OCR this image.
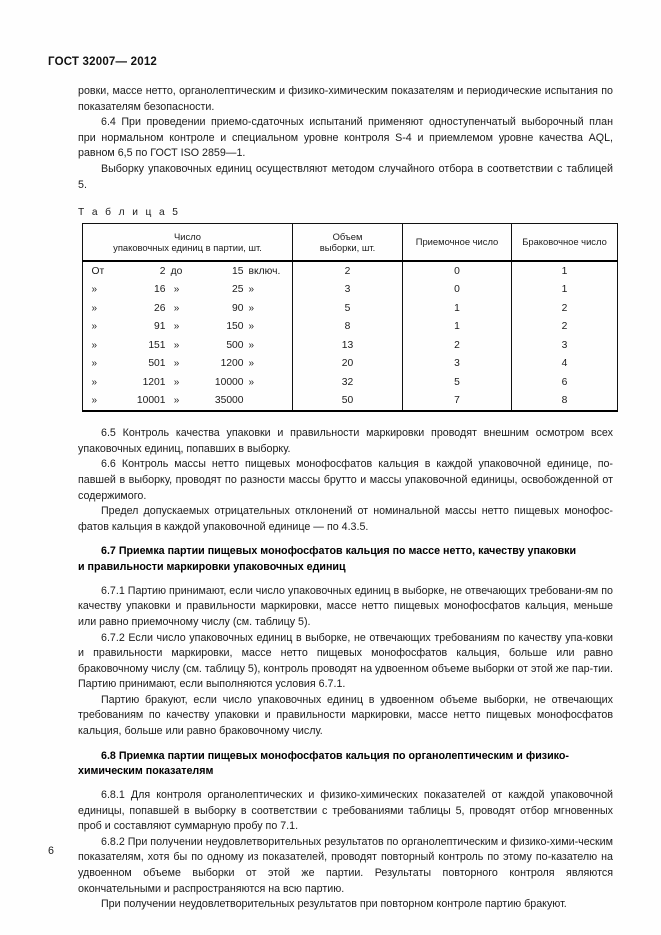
ГОСТ 32007— 2012

ровки, массе нетто, органолептическим и физико-химическим показателям и периодические испытания по показателям безопасности.

6.4 При проведении приемо-сдаточных испытаний применяют одноступенчатый выборочный план при нормальном контроле и специальном уровне контроля S-4 и приемлемом уровне качества AQL, равном 6,5 по ГОСТ ISO 2859—1.

Выборку упаковочных единиц осуществляют методом случайного отбора в соответствии с таблицей 5.

Т а б л и ц а 5

Число
упаковочных единиц в партии, шт.	Объем
выборки, шт.	Приемочное число	Браковочное число

От 2 до 15 включ.	2	0	1

» 16 » 25 »	3	0	1

» 26 » 90 »	5	1	2

» 91 » 150 »	8	1	2

» 151 » 500 »	13	2	3

» 501 » 1200 »	20	3	4

» 1201 » 10000 »	32	5	6

» 10001 » 35000	50	7	8

6.5 Контроль качества упаковки и правильности маркировки проводят внешним осмотром всех упаковочных единиц, попавших в выборку.

6.6 Контроль массы нетто пищевых монофосфатов кальция в каждой упаковочной единице, по-павшей в выборку, проводят по разности массы брутто и массы упаковочной единицы, освобожденной от содержимого.

Предел допускаемых отрицательных отклонений от номинальной массы нетто пищевых монофос-фатов кальция в каждой упаковочной единице — по 4.3.5.

6.7 Приемка партии пищевых монофосфатов кальция по массе нетто, качеству упаковки
и правильности маркировки упаковочных единиц

6.7.1 Партию принимают, если число упаковочных единиц в выборке, не отвечающих требовани-ям по качеству упаковки и правильности маркировки, массе нетто пищевых монофосфатов кальция, меньше или равно приемочному числу (см. таблицу 5).

6.7.2 Если число упаковочных единиц в выборке, не отвечающих требованиям по качеству упа-ковки и правильности маркировки, массе нетто пищевых монофосфатов кальция, больше или равно браковочному числу (см. таблицу 5), контроль проводят на удвоенном объеме выборки от этой же пар-тии. Партию принимают, если выполняются условия 6.7.1.

Партию бракуют, если число упаковочных единиц в удвоенном объеме выборки, не отвечающих требованиям по качеству упаковки и правильности маркировки, массе нетто пищевых монофосфатов кальция, больше или равно браковочному числу.

6.8 Приемка партии пищевых монофосфатов кальция по органолептическим и физико-
химическим показателям

6.8.1 Для контроля органолептических и физико-химических показателей от каждой упаковочной единицы, попавшей в выборку в соответствии с требованиями таблицы 5, проводят отбор мгновенных проб и составляют суммарную пробу по 7.1.

6.8.2 При получении неудовлетворительных результатов по органолептическим и физико-хими-ческим показателям, хотя бы по одному из показателей, проводят повторный контроль по этому по-казателю на удвоенном объеме выборки от этой же партии. Результаты повторного контроля являются окончательными и распространяются на всю партию.

При получении неудовлетворительных результатов при повторном контроле партию бракуют.

6
